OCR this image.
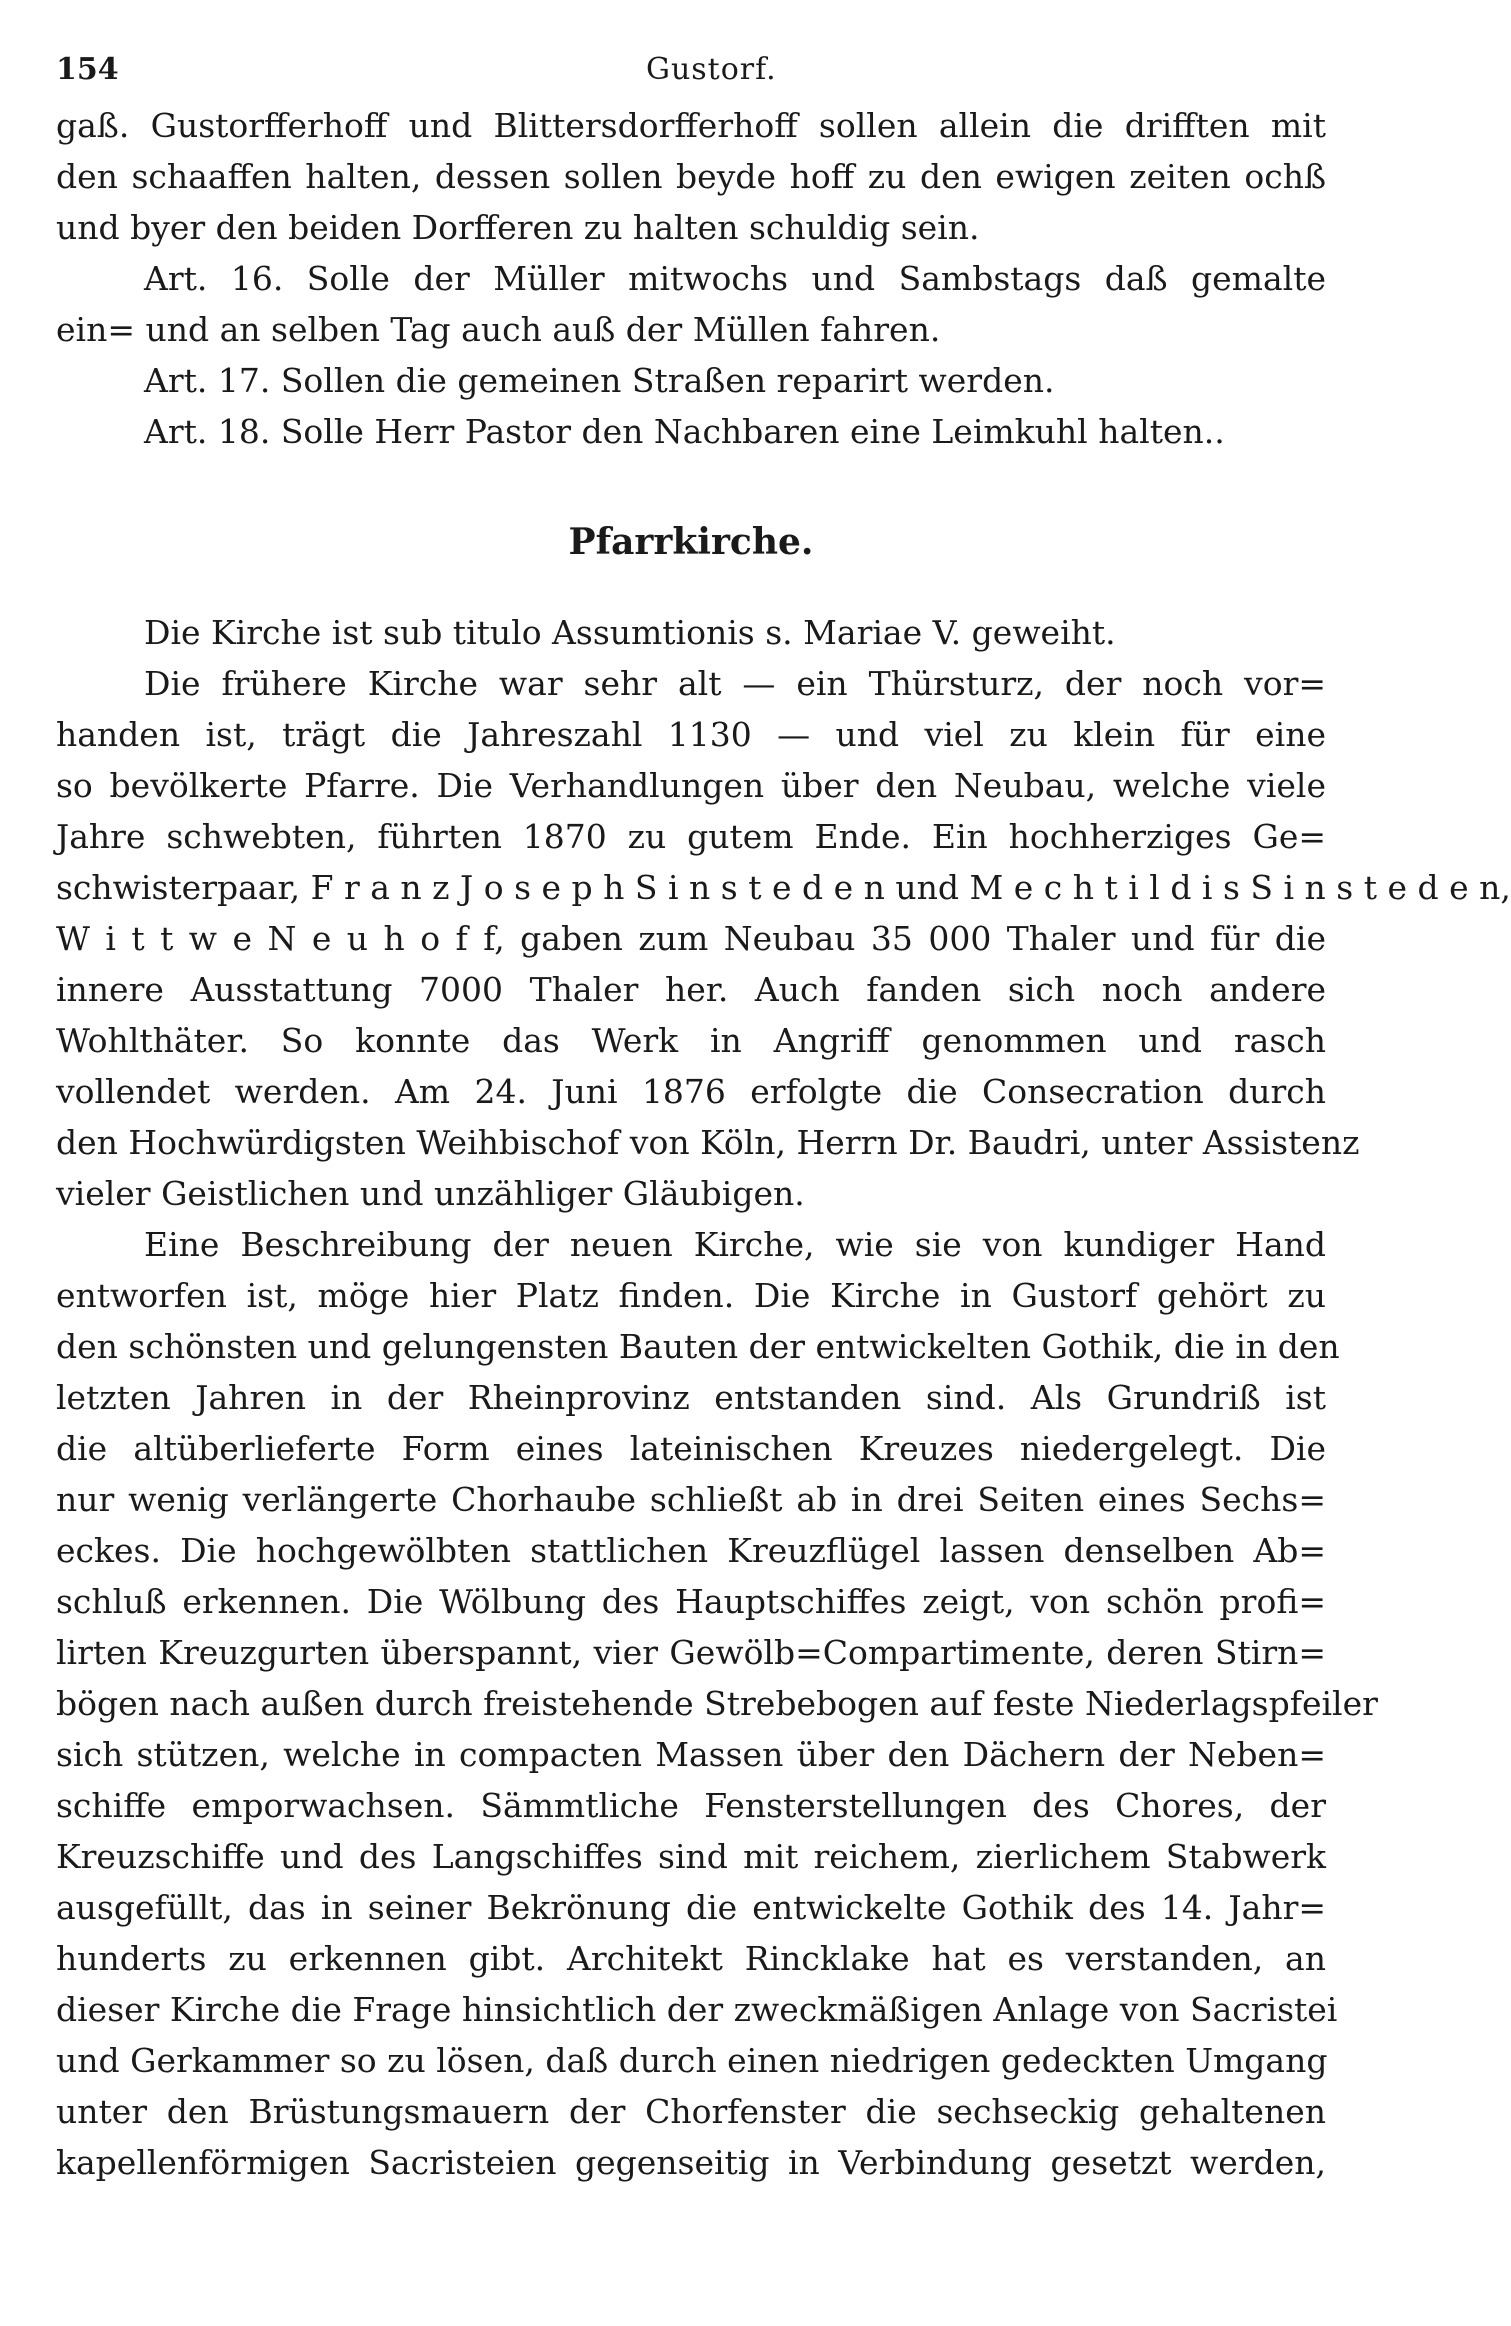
154	Gustorf.
gaß. Gustorfferhoff und Blittersdorfferhoff sollen allein die drifften mit
den schaaffen halten, dessen sollen beyde hoff zu den ewigen zeiten ochß
und byer den beiden Dorfferen zu halten schuldig sein.
Art. 16. Solle der Müller mitwochs und Sambstags daß gemalte
ein= und an selben Tag auch auß der Müllen fahren.
Art. 17. Sollen die gemeinen Straßen reparirt werden.
Art. 18. Solle Herr Pastor den Nachbaren eine Leimkuhl halten..
Pfarrkirche.
Die Kirche ist sub titulo Assumtionis s. Mariae V. geweiht.
Die frühere Kirche war sehr alt — ein Thürsturz, der noch vor=
handen ist, trägt die Jahreszahl 1130 — und viel zu klein für eine
so bevölkerte Pfarre. Die Verhandlungen über den Neubau, welche viele
Jahre schwebten, führten 1870 zu gutem Ende. Ein hochherziges Ge=
schwisterpaar, F r a n z J o s e p h S i n s t e d e n und M e c h t i l d i s S i n s t e d e n,
W i t t w e N e u h o f f, gaben zum Neubau 35 000 Thaler und für die
innere Ausstattung 7000 Thaler her. Auch fanden sich noch andere
Wohlthäter. So konnte das Werk in Angriff genommen und rasch
vollendet werden. Am 24. Juni 1876 erfolgte die Consecration durch
den Hochwürdigsten Weihbischof von Köln, Herrn Dr. Baudri, unter Assistenz
vieler Geistlichen und unzähliger Gläubigen.
Eine Beschreibung der neuen Kirche, wie sie von kundiger Hand
entworfen ist, möge hier Platz finden. Die Kirche in Gustorf gehört zu
den schönsten und gelungensten Bauten der entwickelten Gothik, die in den
letzten Jahren in der Rheinprovinz entstanden sind. Als Grundriß ist
die altüberlieferte Form eines lateinischen Kreuzes niedergelegt. Die
nur wenig verlängerte Chorhaube schließt ab in drei Seiten eines Sechs=
eckes. Die hochgewölbten stattlichen Kreuzflügel lassen denselben Ab=
schluß erkennen. Die Wölbung des Hauptschiffes zeigt, von schön profi=
lirten Kreuzgurten überspannt, vier Gewölb=Compartimente, deren Stirn=
bögen nach außen durch freistehende Strebebogen auf feste Niederlagspfeiler
sich stützen, welche in compacten Massen über den Dächern der Neben=
schiffe emporwachsen. Sämmtliche Fensterstellungen des Chores, der
Kreuzschiffe und des Langschiffes sind mit reichem, zierlichem Stabwerk
ausgefüllt, das in seiner Bekrönung die entwickelte Gothik des 14. Jahr=
hunderts zu erkennen gibt. Architekt Rincklake hat es verstanden, an
dieser Kirche die Frage hinsichtlich der zweckmäßigen Anlage von Sacristei
und Gerkammer so zu lösen, daß durch einen niedrigen gedeckten Umgang
unter den Brüstungsmauern der Chorfenster die sechseckig gehaltenen
kapellenförmigen Sacristeien gegenseitig in Verbindung gesetzt werden,
